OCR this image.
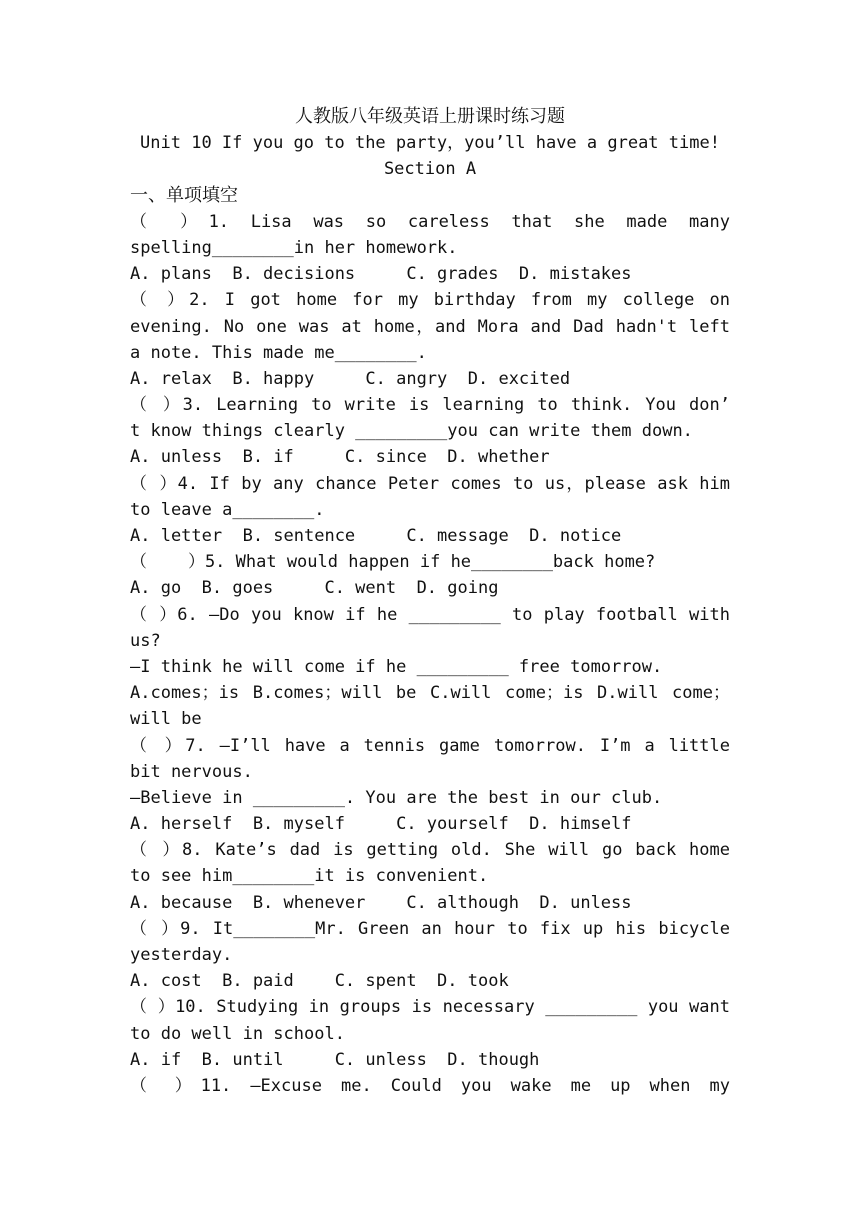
人教版八年级英语上册课时练习题
Unit 10 If you go to the party，you’ll have a great time!
Section A
一、单项填空
（ ）1. Lisa was so careless that she made many
spelling________in her homework.
A. plans  B. decisions     C. grades  D. mistakes
（ ）2. I got home for my birthday from my college on
evening. No one was at home，and Mora and Dad hadn't left
a note. This made me________.
A. relax  B. happy     C. angry  D. excited
（ ）3. Learning to write is learning to think. You don’
t know things clearly _________you can write them down.
A. unless  B. if     C. since  D. whether
（ ）4. If by any chance Peter comes to us，please ask him
to leave a________.
A. letter  B. sentence     C. message  D. notice
（    ）5. What would happen if he________back home?
A. go  B. goes     C. went  D. going
（ ）6. —Do you know if he _________ to play football with
us?
—I think he will come if he _________ free tomorrow.
A.comes；is B.comes；will be C.will come；is D.will come；
will be
（ ）7. —I’ll have a tennis game tomorrow. I’m a little
bit nervous.
—Believe in _________. You are the best in our club.
A. herself  B. myself     C. yourself  D. himself
（ ）8. Kate’s dad is getting old. She will go back home
to see him________it is convenient.
A. because  B. whenever    C. although  D. unless
（ ）9. It________Mr. Green an hour to fix up his bicycle
yesterday.
A. cost  B. paid    C. spent  D. took
（ ）10. Studying in groups is necessary _________ you want
to do well in school.
A. if  B. until     C. unless  D. though
（ ）11. —Excuse me. Could you wake me up when my
